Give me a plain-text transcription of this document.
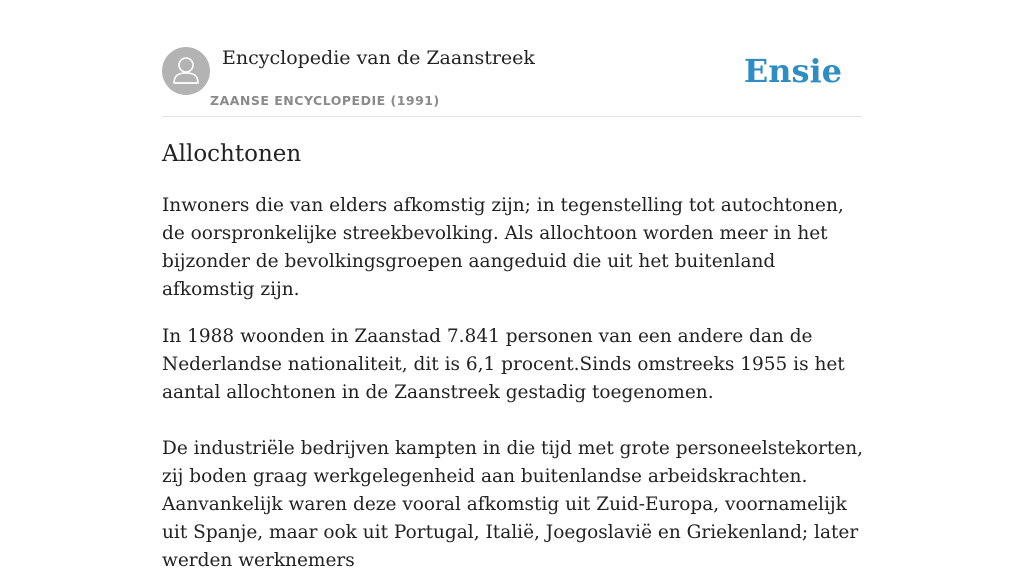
Encyclopedie van de Zaanstreek
ZAANSE ENCYCLOPEDIE (1991)
Ensie
Allochtonen

Inwoners die van elders afkomstig zijn; in tegenstelling tot autochtonen, de oorspronkelijke streekbevolking. Als allochtoon worden meer in het bijzonder de bevolkingsgroepen aangeduid die uit het buitenland afkomstig zijn.

In 1988 woonden in Zaanstad 7.841 personen van een andere dan de Nederlandse nationaliteit, dit is 6,1 procent.Sinds omstreeks 1955 is het aantal allochtonen in de Zaanstreek gestadig toegenomen.

De industriële bedrijven kampten in die tijd met grote personeelstekorten, zij boden graag werkgelegenheid aan buitenlandse arbeidskrachten. Aanvankelijk waren deze vooral afkomstig uit Zuid-Europa, voornamelijk uit Spanje, maar ook uit Portugal, Italië, Joegoslavië en Griekenland; later werden werknemers
